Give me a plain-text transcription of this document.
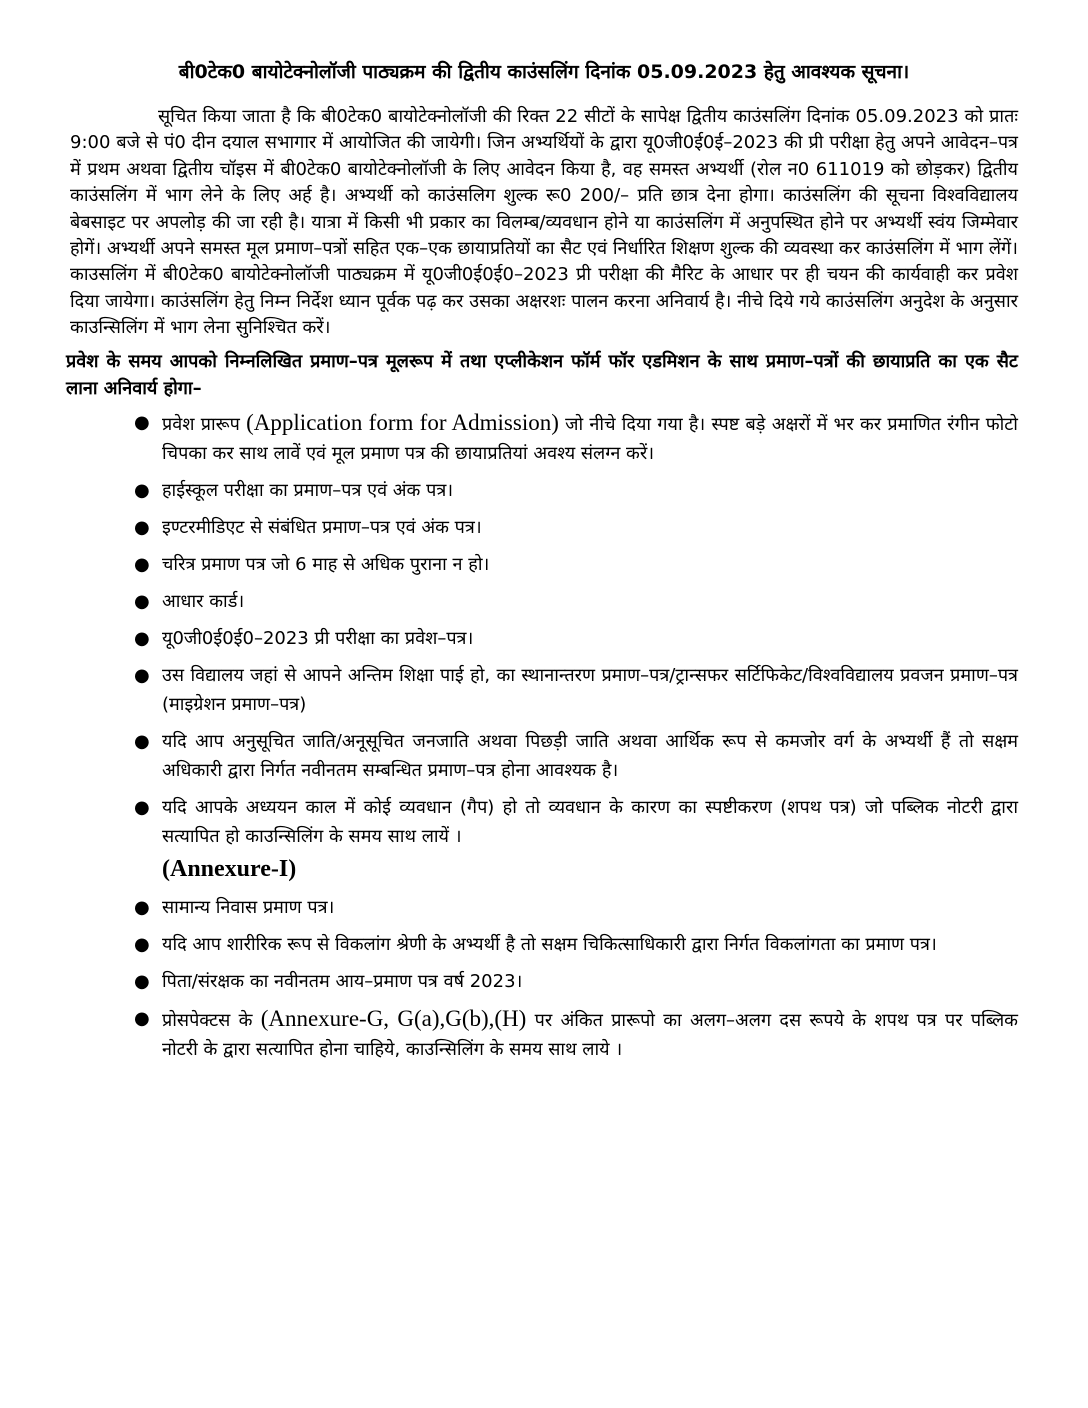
बी0टेक0 बायोटेक्नोलॉजी पाठ्यक्रम की द्वितीय काउंसलिंग दिनांक 05.09.2023 हेतु आवश्यक सूचना।

सूचित किया जाता है कि बी0टेक0 बायोटेक्नोलॉजी की रिक्त 22 सीटों के सापेक्ष द्वितीय काउंसलिंग दिनांक 05.09.2023 को प्रातः 9:00 बजे से पं0 दीन दयाल सभागार में आयोजित की जायेगी। जिन अभ्यर्थियों के द्वारा यू0जी0ई0ई–2023 की प्री परीक्षा हेतु अपने आवेदन–पत्र में प्रथम अथवा द्वितीय चॉइस में बी0टेक0 बायोटेक्नोलॉजी के लिए आवेदन किया है, वह समस्त अभ्यर्थी (रोल न0 611019 को छोड़कर) द्वितीय काउंसलिंग में भाग लेने के लिए अर्ह है। अभ्यर्थी को काउंसलिग शुल्क रू0 200/– प्रति छात्र देना होगा। काउंसलिंग की सूचना विश्वविद्यालय बेबसाइट पर अपलोड़ की जा रही है। यात्रा में किसी भी प्रकार का विलम्ब/व्यवधान होने या काउंसलिंग में अनुपस्थित होने पर अभ्यर्थी स्वंय जिम्मेवार होगें। अभ्यर्थी अपने समस्त मूल प्रमाण–पत्रों सहित एक–एक छायाप्रतियों का सैट एवं निर्धारित शिक्षण शुल्क की व्यवस्था कर काउंसलिंग में भाग लेंगें। काउसलिंग में बी0टेक0 बायोटेक्नोलॉजी पाठ्यक्रम में यू0जी0ई0ई0–2023 प्री परीक्षा की मैरिट के आधार पर ही चयन की कार्यवाही कर प्रवेश दिया जायेगा। काउंसलिंग हेतु निम्न निर्देश ध्यान पूर्वक पढ़ कर उसका अक्षरशः पालन करना अनिवार्य है। नीचे दिये गये काउंसलिंग अनुदेश के अनुसार काउन्सिलिंग में भाग लेना सुनिश्चित करें।

प्रवेश के समय आपको निम्नलिखित प्रमाण–पत्र मूलरूप में तथा एप्लीकेशन फॉर्म फॉर एडमिशन के साथ प्रमाण–पत्रों की छायाप्रति का एक सैट लाना अनिवार्य होगा–
● प्रवेश प्रारूप (Application form for Admission) जो नीचे दिया गया है। स्पष्ट बड़े अक्षरों में भर कर प्रमाणित रंगीन फोटो चिपका कर साथ लावें एवं मूल प्रमाण पत्र की छायाप्रतियां अवश्य संलग्न करें।
● हाईस्कूल परीक्षा का प्रमाण–पत्र एवं अंक पत्र।
● इण्टरमीडिएट से संबंधित प्रमाण–पत्र एवं अंक पत्र।
● चरित्र प्रमाण पत्र जो 6 माह से अधिक पुराना न हो।
● आधार कार्ड।
● यू0जी0ई0ई0–2023 प्री परीक्षा का प्रवेश–पत्र।
● उस विद्यालय जहां से आपने अन्तिम शिक्षा पाई हो, का स्थानान्तरण प्रमाण–पत्र/ट्रान्सफर सर्टिफिकेट/विश्वविद्यालय प्रवजन प्रमाण–पत्र (माइग्रेशन प्रमाण–पत्र)
● यदि आप अनुसूचित जाति/अनूसूचित जनजाति अथवा पिछड़ी जाति अथवा आर्थिक रूप से कमजोर वर्ग के अभ्यर्थी हैं तो सक्षम अधिकारी द्वारा निर्गत नवीनतम सम्बन्धित प्रमाण–पत्र होना आवश्यक है।
● यदि आपके अध्ययन काल में कोई व्यवधान (गैप) हो तो व्यवधान के कारण का स्पष्टीकरण (शपथ पत्र) जो पब्लिक नोटरी द्वारा सत्यापित हो काउन्सिलिंग के समय साथ लायें ।
(Annexure-I)
● सामान्य निवास प्रमाण पत्र।
● यदि आप शारीरिक रूप से विकलांग श्रेणी के अभ्यर्थी है तो सक्षम चिकित्साधिकारी द्वारा निर्गत विकलांगता का प्रमाण पत्र।
● पिता/संरक्षक का नवीनतम आय–प्रमाण पत्र वर्ष 2023।
● प्रोसपेक्टस के (Annexure-G, G(a),G(b),(H) पर अंकित प्रारूपो का अलग–अलग दस रूपये के शपथ पत्र पर पब्लिक नोटरी के द्वारा सत्यापित होना चाहिये, काउन्सिलिंग के समय साथ लाये ।
